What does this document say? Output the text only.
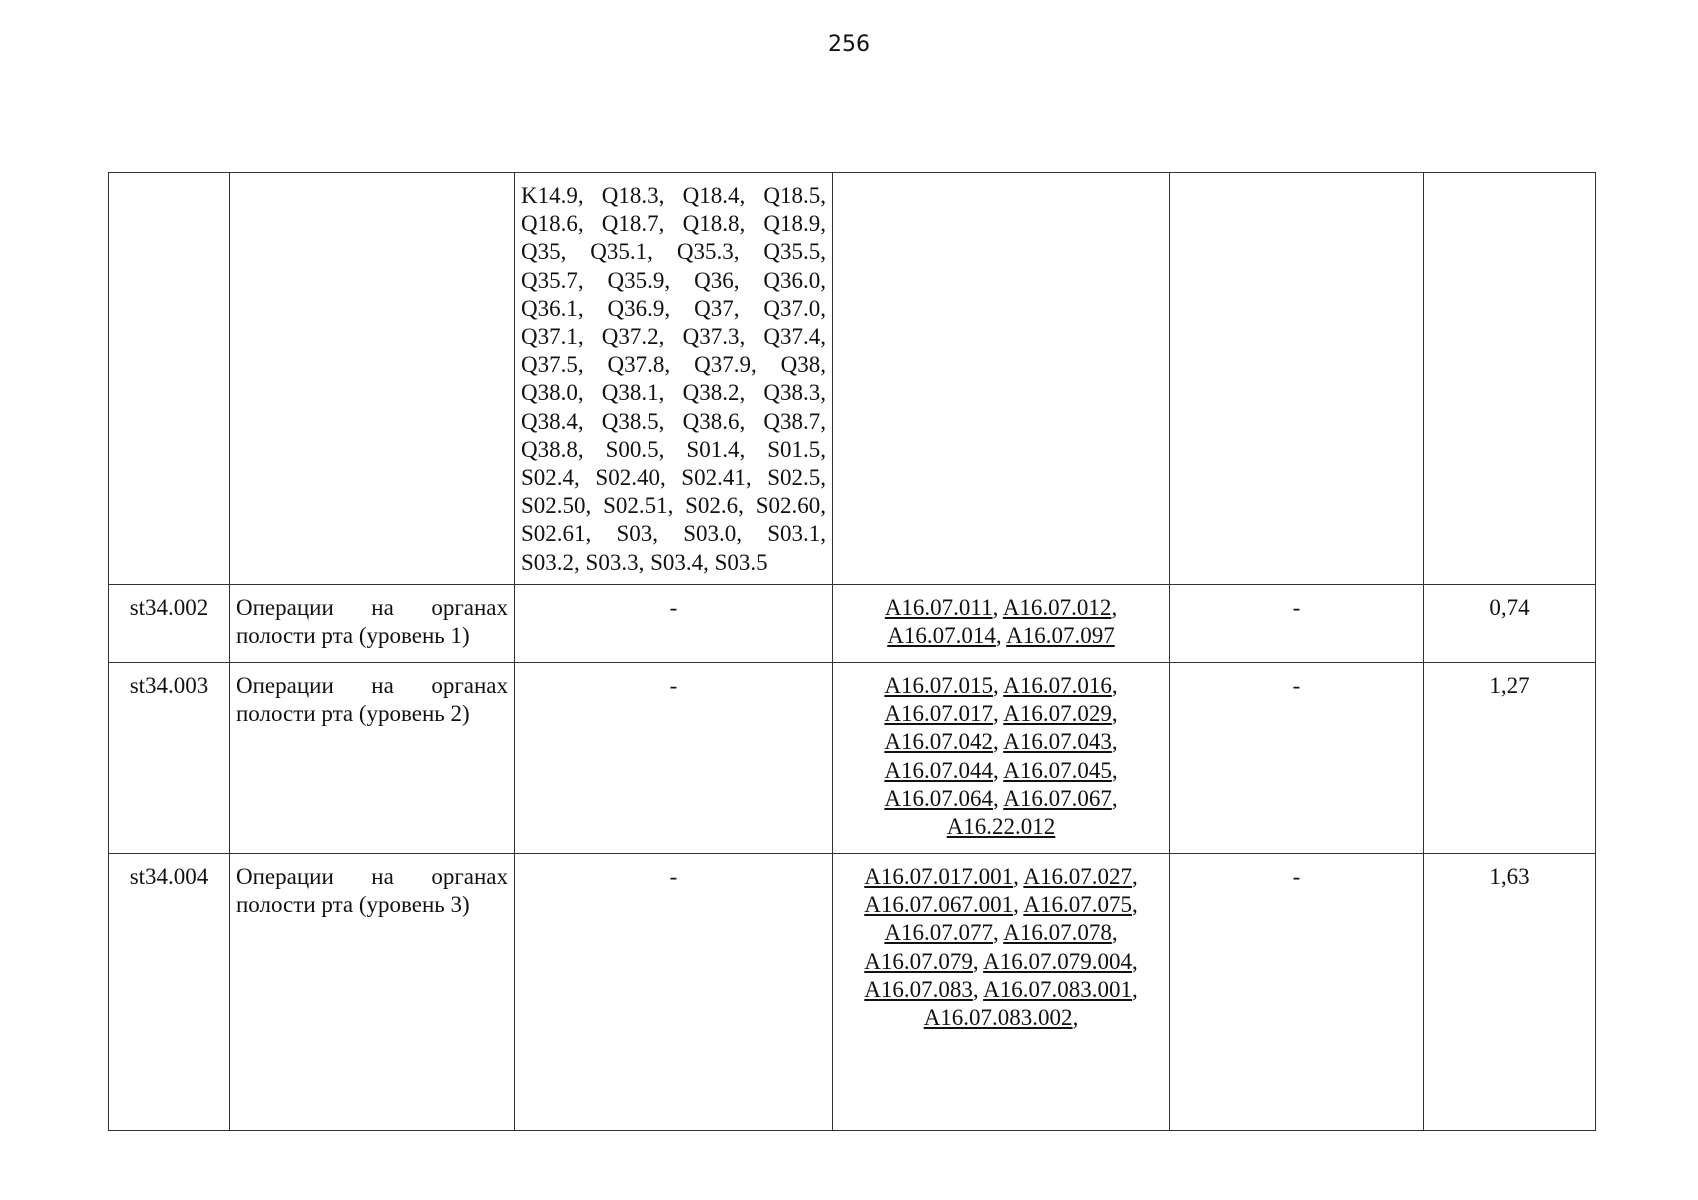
256
		K14.9, Q18.3, Q18.4, Q18.5, Q18.6, Q18.7, Q18.8, Q18.9, Q35, Q35.1, Q35.3, Q35.5, Q35.7, Q35.9, Q36, Q36.0, Q36.1, Q36.9, Q37, Q37.0, Q37.1, Q37.2, Q37.3, Q37.4, Q37.5, Q37.8, Q37.9, Q38, Q38.0, Q38.1, Q38.2, Q38.3, Q38.4, Q38.5, Q38.6, Q38.7, Q38.8, S00.5, S01.4, S01.5, S02.4, S02.40, S02.41, S02.5, S02.50, S02.51, S02.6, S02.60, S02.61, S03, S03.0, S03.1, S03.2, S03.3, S03.4, S03.5			
st34.002	Операции на органах полости рта (уровень 1)	-	A16.07.011, A16.07.012, A16.07.014, A16.07.097	-	0,74
st34.003	Операции на органах полости рта (уровень 2)	-	A16.07.015, A16.07.016, A16.07.017, A16.07.029, A16.07.042, A16.07.043, A16.07.044, A16.07.045, A16.07.064, A16.07.067, A16.22.012	-	1,27
st34.004	Операции на органах полости рта (уровень 3)	-	A16.07.017.001, A16.07.027, A16.07.067.001, A16.07.075, A16.07.077, A16.07.078, A16.07.079, A16.07.079.004, A16.07.083, A16.07.083.001, A16.07.083.002,	-	1,63
